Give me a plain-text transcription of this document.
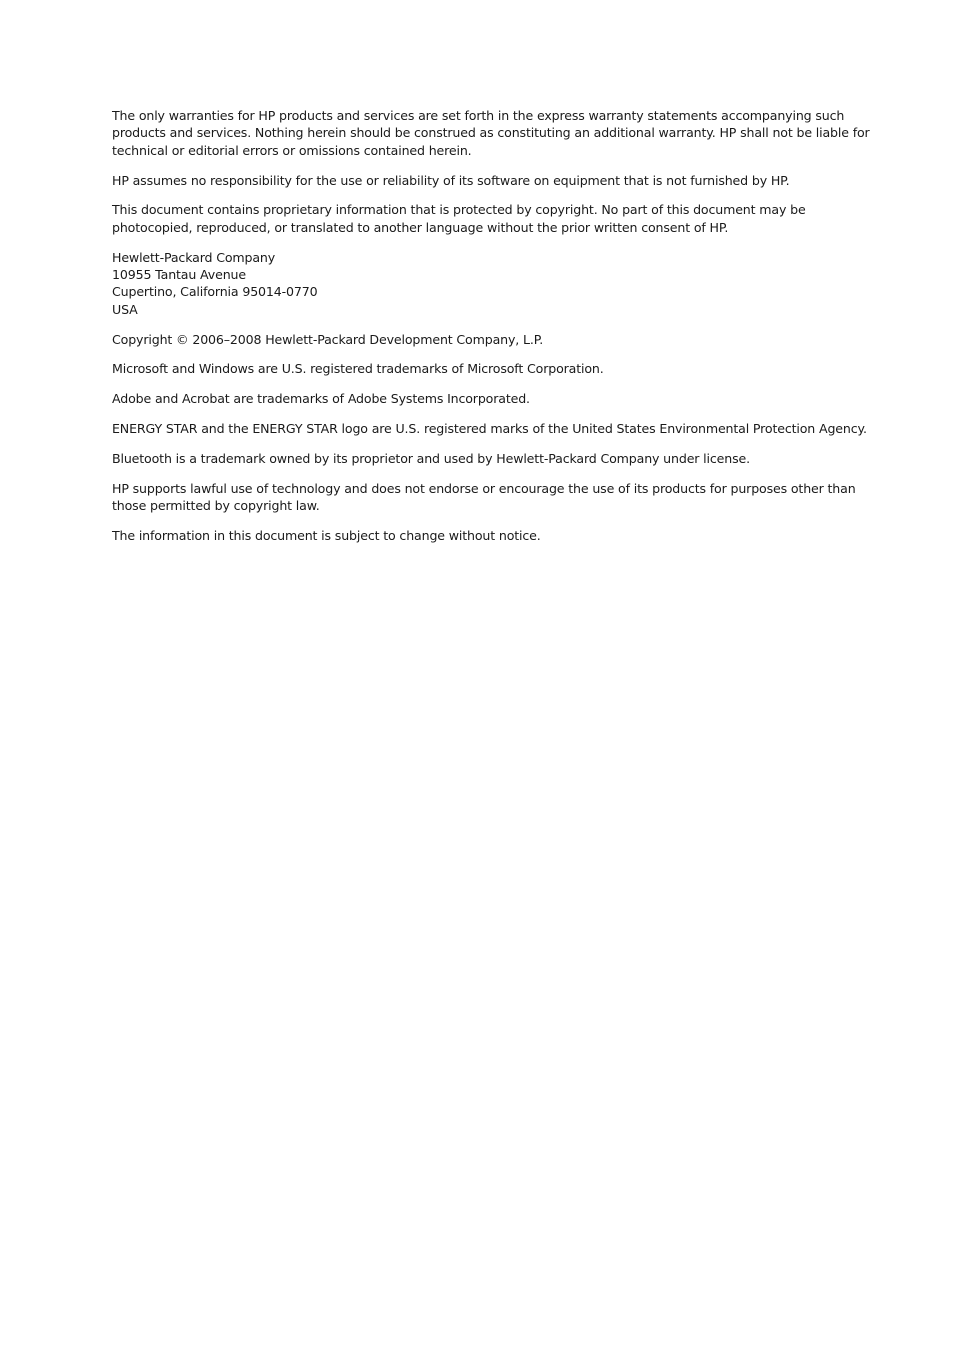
The only warranties for HP products and services are set forth in the express warranty statements accompanying such products and services. Nothing herein should be construed as constituting an additional warranty. HP shall not be liable for technical or editorial errors or omissions contained herein.

HP assumes no responsibility for the use or reliability of its software on equipment that is not furnished by HP.

This document contains proprietary information that is protected by copyright. No part of this document may be photocopied, reproduced, or translated to another language without the prior written consent of HP.

Hewlett-Packard Company
10955 Tantau Avenue
Cupertino, California 95014-0770
USA

Copyright © 2006–2008 Hewlett-Packard Development Company, L.P.

Microsoft and Windows are U.S. registered trademarks of Microsoft Corporation.

Adobe and Acrobat are trademarks of Adobe Systems Incorporated.

ENERGY STAR and the ENERGY STAR logo are U.S. registered marks of the United States Environmental Protection Agency.

Bluetooth is a trademark owned by its proprietor and used by Hewlett-Packard Company under license.

HP supports lawful use of technology and does not endorse or encourage the use of its products for purposes other than those permitted by copyright law.

The information in this document is subject to change without notice.
